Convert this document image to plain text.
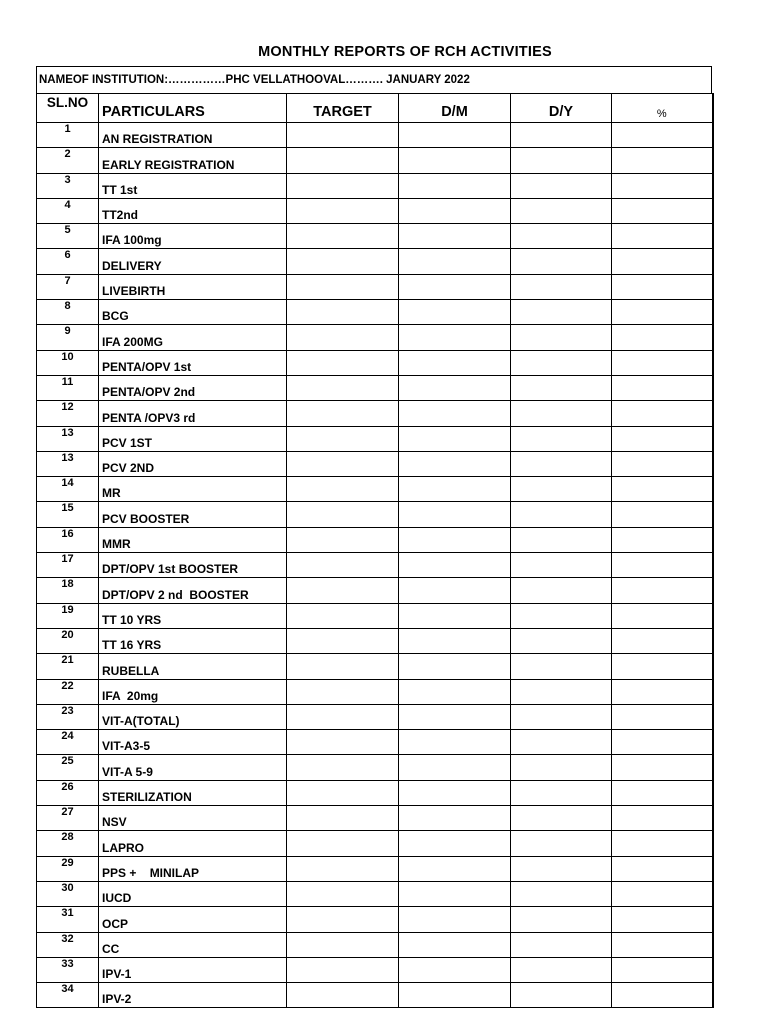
MONTHLY REPORTS OF RCH ACTIVITIES
NAMEOF INSTITUTION:……………PHC VELLATHOOVAL………. JANUARY 2022
SL.NO	PARTICULARS	TARGET	D/M	D/Y	%
1	AN REGISTRATION				
2	EARLY REGISTRATION				
3	TT 1st				
4	TT2nd				
5	IFA 100mg				
6	DELIVERY				
7	LIVEBIRTH				
8	BCG				
9	IFA 200MG				
10	PENTA/OPV 1st				
11	PENTA/OPV 2nd				
12	PENTA /OPV3 rd				
13	PCV 1ST				
13	PCV 2ND				
14	MR				
15	PCV BOOSTER				
16	MMR				
17	DPT/OPV 1st BOOSTER				
18	DPT/OPV 2 nd  BOOSTER				
19	TT 10 YRS				
20	TT 16 YRS				
21	RUBELLA				
22	IFA  20mg				
23	VIT-A(TOTAL)				
24	VIT-A3-5				
25	VIT-A 5-9				
26	STERILIZATION				
27	NSV				
28	LAPRO				
29	PPS +    MINILAP				
30	IUCD				
31	OCP				
32	CC				
33	IPV-1				
34	IPV-2				
